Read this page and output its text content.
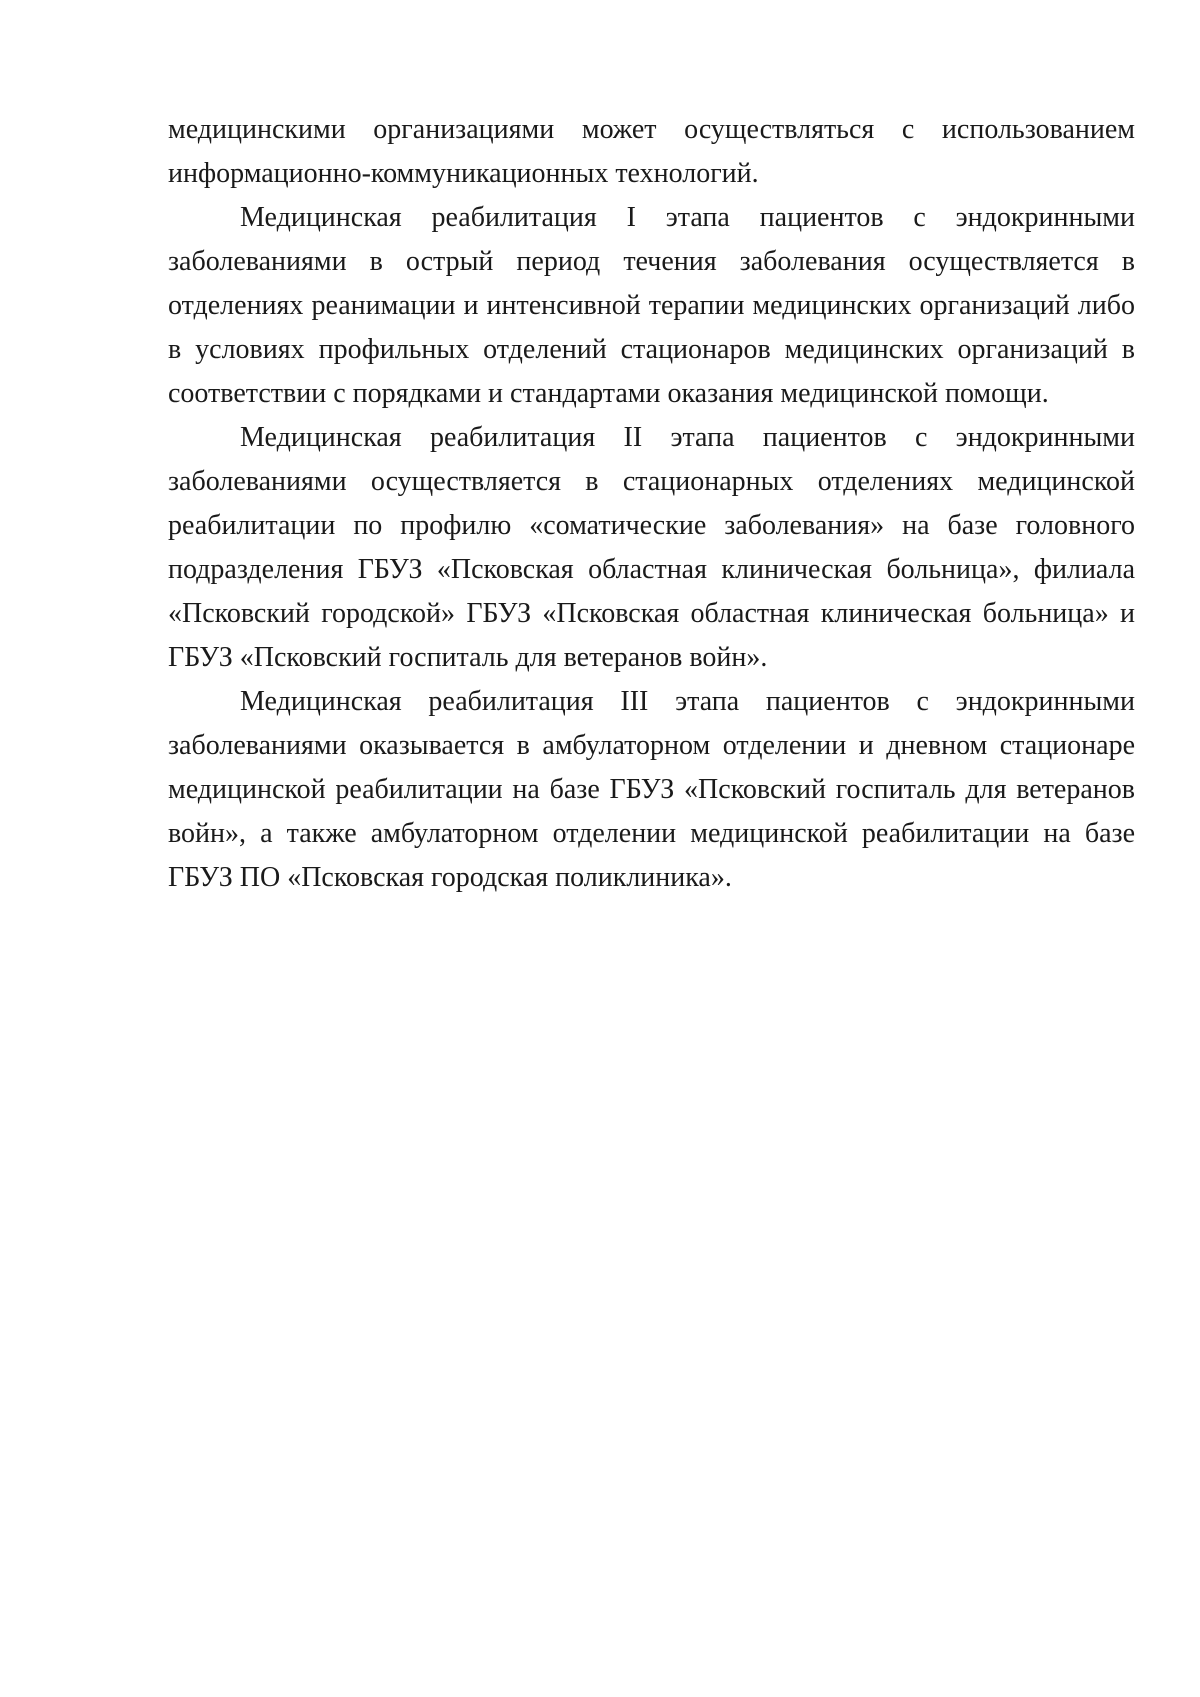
медицинскими организациями может осуществляться с использованием информационно-коммуникационных технологий.

Медицинская реабилитация I этапа пациентов с эндокринными заболеваниями в острый период течения заболевания осуществляется в отделениях реанимации и интенсивной терапии медицинских организаций либо в условиях профильных отделений стационаров медицинских организаций в соответствии с порядками и стандартами оказания медицинской помощи.

Медицинская реабилитация II этапа пациентов с эндокринными заболеваниями осуществляется в стационарных отделениях медицинской реабилитации по профилю «соматические заболевания» на базе головного подразделения ГБУЗ «Псковская областная клиническая больница», филиала «Псковский городской» ГБУЗ «Псковская областная клиническая больница» и ГБУЗ «Псковский госпиталь для ветеранов войн».

Медицинская реабилитация III этапа пациентов с эндокринными заболеваниями оказывается в амбулаторном отделении и дневном стационаре медицинской реабилитации на базе ГБУЗ «Псковский госпиталь для ветеранов войн», а также амбулаторном отделении медицинской реабилитации на базе ГБУЗ ПО «Псковская городская поликлиника».
